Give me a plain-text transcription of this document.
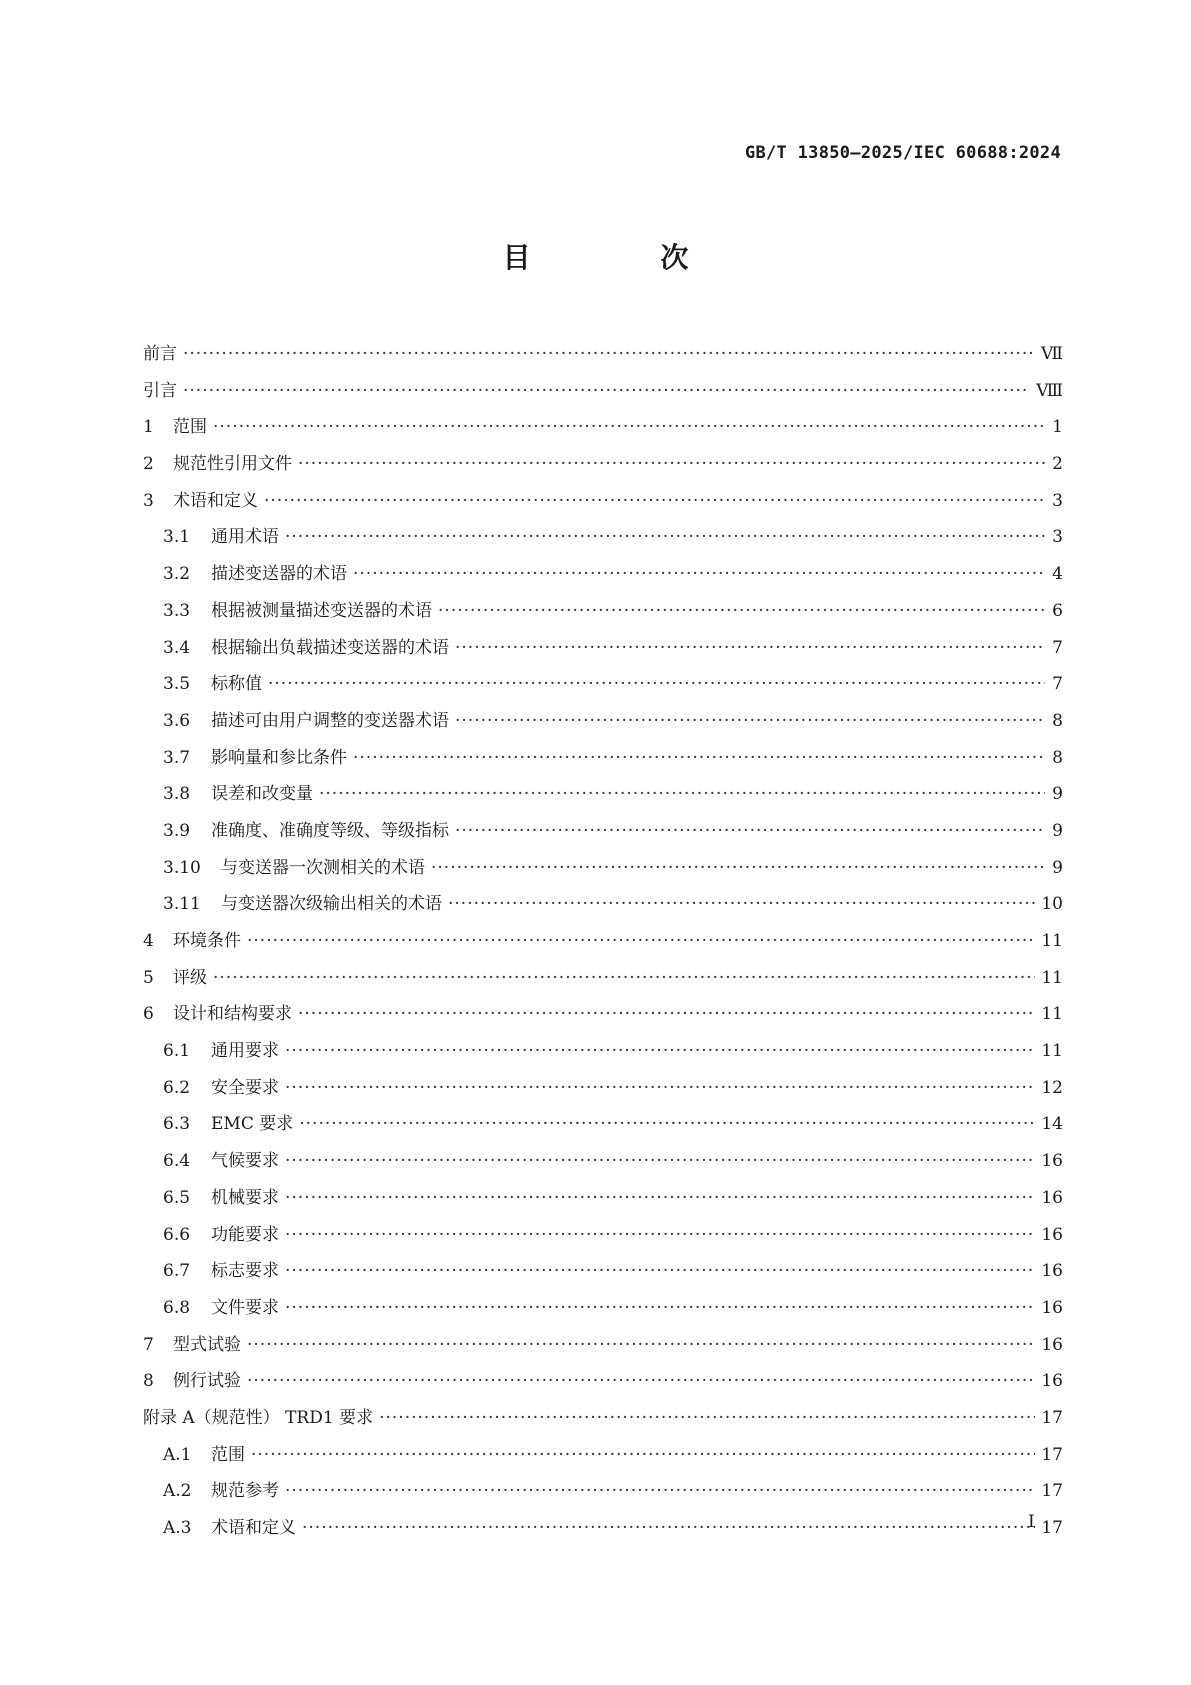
GB/T 13850—2025/IEC 60688:2024
目 次
前言 ·····	Ⅶ
引言 ·····	Ⅷ
1	范围 ·····	1
2	规范性引用文件 ·····	2
3	术语和定义 ·····	3
3.1	通用术语 ·····	3
3.2	描述变送器的术语 ·····	4
3.3	根据被测量描述变送器的术语 ·····	6
3.4	根据输出负载描述变送器的术语 ·····	7
3.5	标称值 ·····	7
3.6	描述可由用户调整的变送器术语 ·····	8
3.7	影响量和参比条件 ·····	8
3.8	误差和改变量 ·····	9
3.9	准确度、准确度等级、等级指标 ·····	9
3.10	与变送器一次测相关的术语 ·····	9
3.11	与变送器次级输出相关的术语 ·····	10
4	环境条件 ·····	11
5	评级 ·····	11
6	设计和结构要求 ·····	11
6.1	通用要求 ·····	11
6.2	安全要求 ·····	12
6.3	EMC 要求 ·····	14
6.4	气候要求 ·····	16
6.5	机械要求 ·····	16
6.6	功能要求 ·····	16
6.7	标志要求 ·····	16
6.8	文件要求 ·····	16
7	型式试验 ·····	16
8	例行试验 ·····	16
附录 A（规范性） TRD1 要求 ·····	17
A.1	范围 ·····	17
A.2	规范参考 ·····	17
A.3	术语和定义 ·····	17
Ⅰ
